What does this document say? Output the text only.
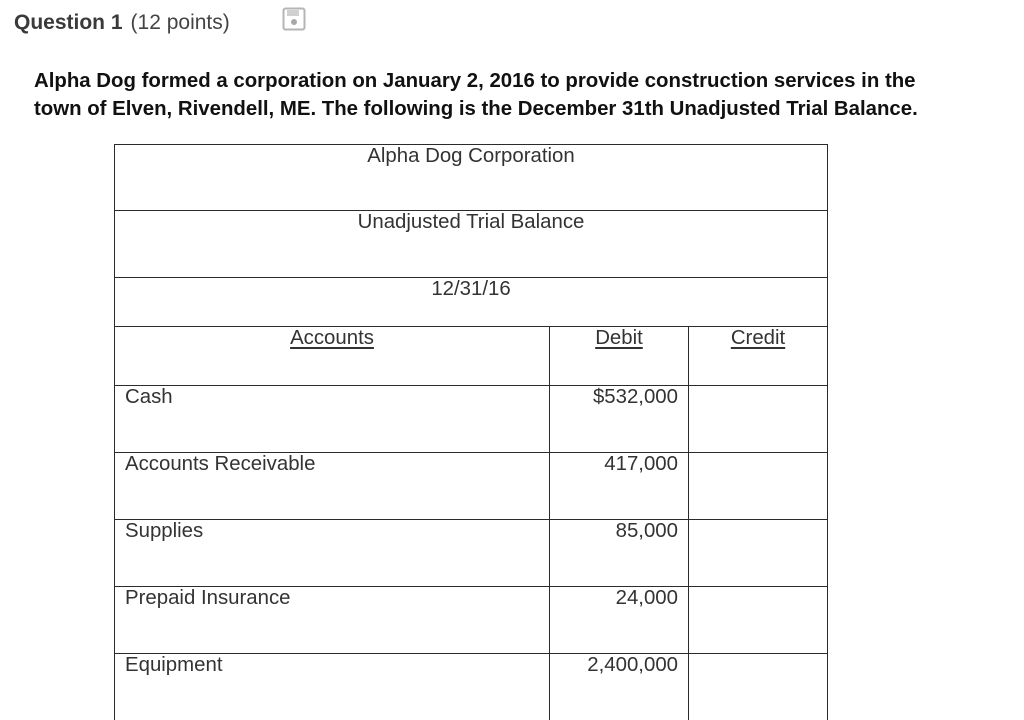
Question 1 (12 points)

Alpha Dog formed a corporation on January 2, 2016 to provide construction services in the

town of Elven, Rivendell, ME. The following is the December 31th Unadjusted Trial Balance.

Alpha Dog Corporation		
Unadjusted Trial Balance		
12/31/16		
Accounts	Debit	Credit
Cash	$532,000	
Accounts Receivable	417,000	
Supplies	85,000	
Prepaid Insurance	24,000	
Equipment	2,400,000	
